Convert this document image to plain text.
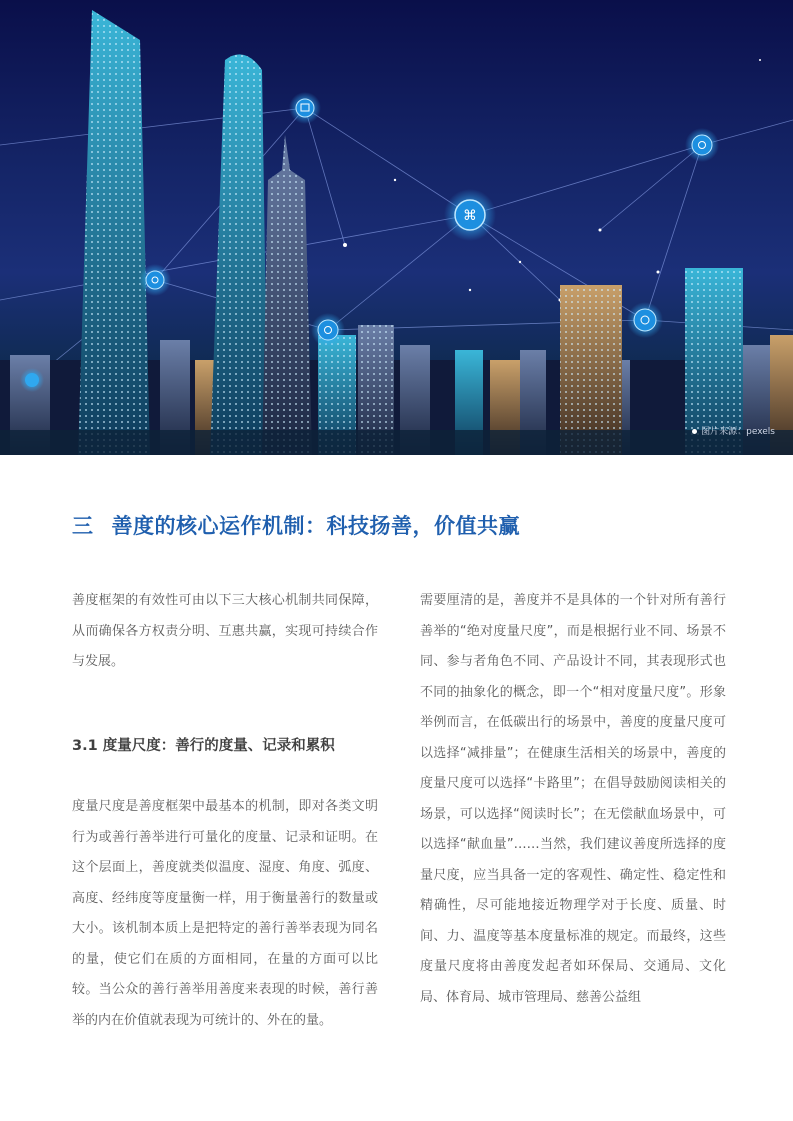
⌘
图片来源：pexels
三 善度的核心运作机制：科技扬善，价值共赢

善度框架的有效性可由以下三大核心机制共同保障，从而确保各方权责分明、互惠共赢，实现可持续合作与发展。

3.1 度量尺度：善行的度量、记录和累积

度量尺度是善度框架中最基本的机制，即对各类文明行为或善行善举进行可量化的度量、记录和证明。在这个层面上，善度就类似温度、湿度、角度、弧度、高度、经纬度等度量衡一样，用于衡量善行的数量或大小。该机制本质上是把特定的善行善举表现为同名的量，使它们在质的方面相同，在量的方面可以比较。当公众的善行善举用善度来表现的时候，善行善举的内在价值就表现为可统计的、外在的量。

需要厘清的是，善度并不是具体的一个针对所有善行善举的“绝对度量尺度”，而是根据行业不同、场景不同、参与者角色不同、产品设计不同，其表现形式也不同的抽象化的概念，即一个“相对度量尺度”。形象举例而言，在低碳出行的场景中，善度的度量尺度可以选择“减排量”；在健康生活相关的场景中，善度的度量尺度可以选择“卡路里”；在倡导鼓励阅读相关的场景，可以选择“阅读时长”；在无偿献血场景中，可以选择“献血量”……当然，我们建议善度所选择的度量尺度，应当具备一定的客观性、确定性、稳定性和精确性，尽可能地接近物理学对于长度、质量、时间、力、温度等基本度量标准的规定。而最终，这些度量尺度将由善度发起者如环保局、交通局、文化局、体育局、城市管理局、慈善公益组
